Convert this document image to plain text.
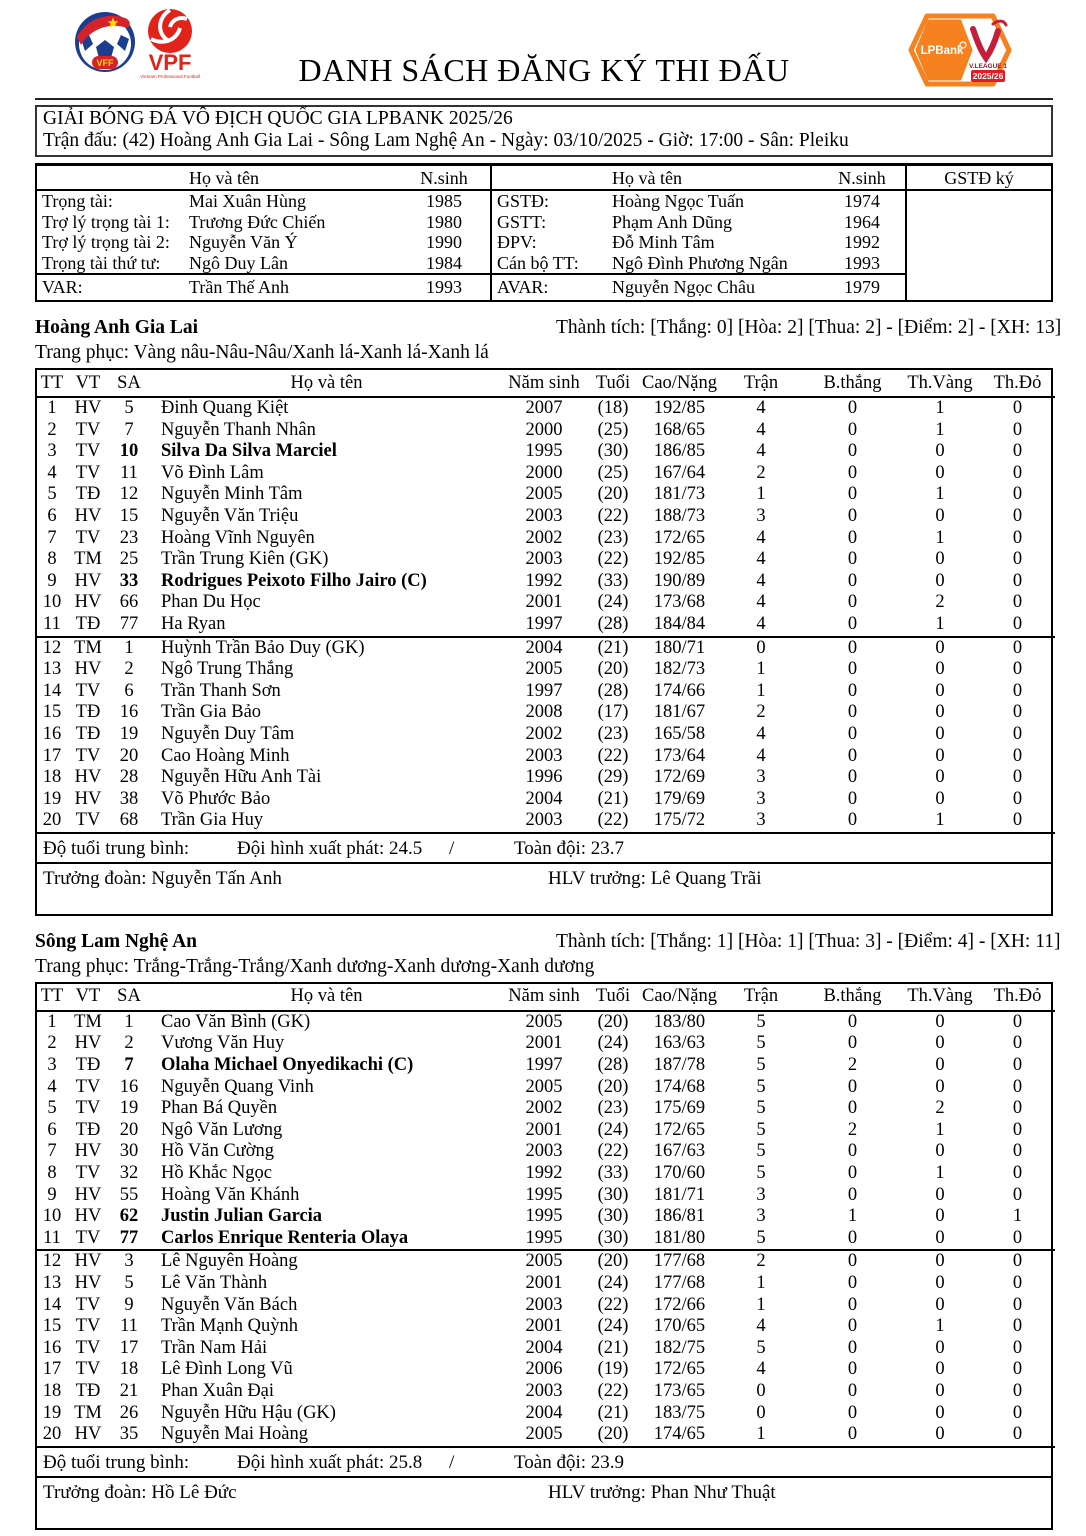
VFF VPF
Vietnam Professional Football	DANH SÁCH ĐĂNG KÝ THI ĐẤU
LPBank
V.LEAGUE 1
2025/26
GIẢI BÓNG ĐÁ VÔ ĐỊCH QUỐC GIA LPBANK 2025/26
Trận đấu: (42) Hoàng Anh Gia Lai - Sông Lam Nghệ An - Ngày: 03/10/2025 - Giờ: 17:00 - Sân: Pleiku
Họ và tên	N.sinh
Trọng tài:	Mai Xuân Hùng	1985
Trợ lý trọng tài 1:	Trương Đức Chiến	1980
Trợ lý trọng tài 2:	Nguyễn Văn Ý	1990
Trọng tài thứ tư:	Ngô Duy Lân	1984
VAR:	Trần Thế Anh	1993
Họ và tên	N.sinh
GSTĐ:	Hoàng Ngọc Tuấn	1974
GSTT:	Phạm Anh Dũng	1964
ĐPV:	Đỗ Minh Tâm	1992
Cán bộ TT:	Ngô Đình Phương Ngân	1993
AVAR:	Nguyễn Ngọc Châu	1979
GSTĐ ký
Hoàng Anh Gia Lai	Thành tích: [Thắng: 0] [Hòa: 2] [Thua: 2] - [Điểm: 2] - [XH: 13]
Trang phục: Vàng nâu-Nâu-Nâu/Xanh lá-Xanh lá-Xanh lá
TT	VT	SA	Họ và tên	Năm sinh	Tuổi	Cao/Nặng	Trận	B.thắng	Th.Vàng	Th.Đỏ
1	HV	5	Đinh Quang Kiệt	2007	(18)	192/85	4	0	1	0
2	TV	7	Nguyễn Thanh Nhân	2000	(25)	168/65	4	0	1	0
3	TV	10	Silva Da Silva Marciel	1995	(30)	186/85	4	0	0	0
4	TV	11	Võ Đình Lâm	2000	(25)	167/64	2	0	0	0
5	TĐ	12	Nguyễn Minh Tâm	2005	(20)	181/73	1	0	1	0
6	HV	15	Nguyễn Văn Triệu	2003	(22)	188/73	3	0	0	0
7	TV	23	Hoàng Vĩnh Nguyên	2002	(23)	172/65	4	0	1	0
8	TM	25	Trần Trung Kiên (GK)	2003	(22)	192/85	4	0	0	0
9	HV	33	Rodrigues Peixoto Filho Jairo (C)	1992	(33)	190/89	4	0	0	0
10	HV	66	Phan Du Học	2001	(24)	173/68	4	0	2	0
11	TĐ	77	Ha Ryan	1997	(28)	184/84	4	0	1	0
12	TM	1	Huỳnh Trần Bảo Duy (GK)	2004	(21)	180/71	0	0	0	0
13	HV	2	Ngô Trung Thắng	2005	(20)	182/73	1	0	0	0
14	TV	6	Trần Thanh Sơn	1997	(28)	174/66	1	0	0	0
15	TĐ	16	Trần Gia Bảo	2008	(17)	181/67	2	0	0	0
16	TĐ	19	Nguyễn Duy Tâm	2002	(23)	165/58	4	0	0	0
17	TV	20	Cao Hoàng Minh	2003	(22)	173/64	4	0	0	0
18	HV	28	Nguyễn Hữu Anh Tài	1996	(29)	172/69	3	0	0	0
19	HV	38	Võ Phước Bảo	2004	(21)	179/69	3	0	0	0
20	TV	68	Trần Gia Huy	2003	(22)	175/72	3	0	1	0
Độ tuổi trung bình:	Đội hình xuất phát: 24.5 /	Toàn đội: 23.7
Trưởng đoàn: Nguyễn Tấn Anh	HLV trưởng: Lê Quang Trãi
Sông Lam Nghệ An	Thành tích: [Thắng: 1] [Hòa: 1] [Thua: 3] - [Điểm: 4] - [XH: 11]
Trang phục: Trắng-Trắng-Trắng/Xanh dương-Xanh dương-Xanh dương
TT	VT	SA	Họ và tên	Năm sinh	Tuổi	Cao/Nặng	Trận	B.thắng	Th.Vàng	Th.Đỏ
1	TM	1	Cao Văn Bình (GK)	2005	(20)	183/80	5	0	0	0
2	HV	2	Vương Văn Huy	2001	(24)	163/63	5	0	0	0
3	TĐ	7	Olaha Michael Onyedikachi (C)	1997	(28)	187/78	5	2	0	0
4	TV	16	Nguyễn Quang Vinh	2005	(20)	174/68	5	0	0	0
5	TV	19	Phan Bá Quyền	2002	(23)	175/69	5	0	2	0
6	TĐ	20	Ngô Văn Lương	2001	(24)	172/65	5	2	1	0
7	HV	30	Hồ Văn Cường	2003	(22)	167/63	5	0	0	0
8	TV	32	Hồ Khắc Ngọc	1992	(33)	170/60	5	0	1	0
9	HV	55	Hoàng Văn Khánh	1995	(30)	181/71	3	0	0	0
10	HV	62	Justin Julian Garcia	1995	(30)	186/81	3	1	0	1
11	TV	77	Carlos Enrique Renteria Olaya	1995	(30)	181/80	5	0	0	0
12	HV	3	Lê Nguyên Hoàng	2005	(20)	177/68	2	0	0	0
13	HV	5	Lê Văn Thành	2001	(24)	177/68	1	0	0	0
14	TV	9	Nguyễn Văn Bách	2003	(22)	172/66	1	0	0	0
15	TV	11	Trần Mạnh Quỳnh	2001	(24)	170/65	4	0	1	0
16	TV	17	Trần Nam Hải	2004	(21)	182/75	5	0	0	0
17	TV	18	Lê Đình Long Vũ	2006	(19)	172/65	4	0	0	0
18	TĐ	21	Phan Xuân Đại	2003	(22)	173/65	0	0	0	0
19	TM	26	Nguyễn Hữu Hậu (GK)	2004	(21)	183/75	0	0	0	0
20	HV	35	Nguyễn Mai Hoàng	2005	(20)	174/65	1	0	0	0
Độ tuổi trung bình:	Đội hình xuất phát: 25.8 /	Toàn đội: 23.9
Trưởng đoàn: Hồ Lê Đức	HLV trưởng: Phan Như Thuật
